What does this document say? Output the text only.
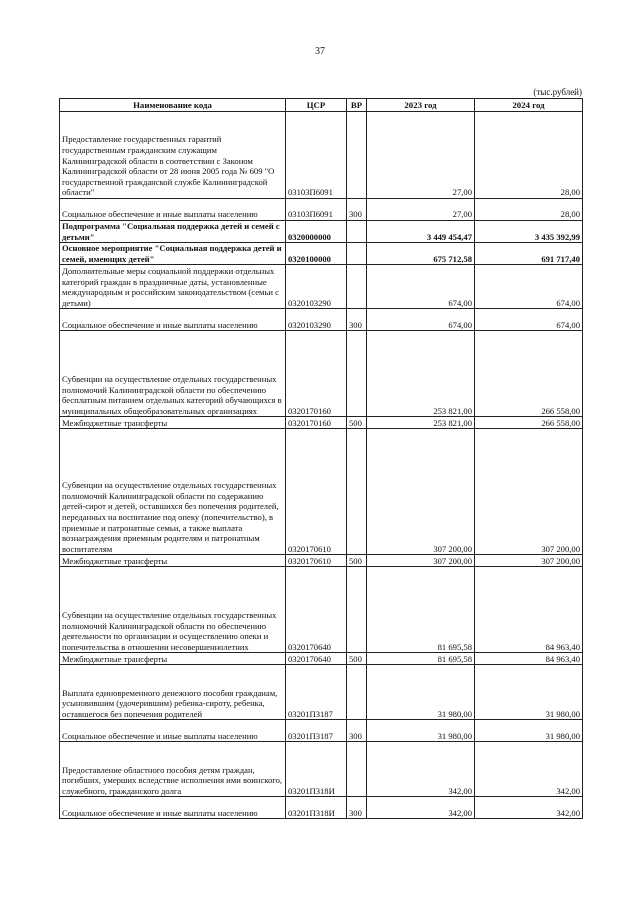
37
(тыс.рублей)
Наименование кода	ЦСР	ВР	2023 год	2024 год
Предоставление государственных гарантий государственным гражданским служащим Калининградской области в соответствии с Законом Калининградской области от 28 июня 2005 года № 609 "О государственной гражданской службе Калининградской области"	03103П6091		27,00	28,00
Социальное обеспечение и иные выплаты населению	03103П6091	300	27,00	28,00
Подпрограмма "Социальная поддержка детей и семей с детьми"	0320000000		3 449 454,47	3 435 392,99
Основное мероприятие "Социальная поддержка детей и семей, имеющих детей"	0320100000		675 712,58	691 717,40
Дополнительные меры социальной поддержки отдельных категорий граждан в праздничные даты, установленные международным и российским законодательством (семьи с детьми)	0320103290		674,00	674,00
Социальное обеспечение и иные выплаты населению	0320103290	300	674,00	674,00
Субвенции на осуществление отдельных государственных полномочий Калининградской области по обеспечению бесплатным питанием отдельных категорий обучающихся в муниципальных общеобразовательных организациях	0320170160		253 821,00	266 558,00
Межбюджетные трансферты	0320170160	500	253 821,00	266 558,00
Субвенции на осуществление отдельных государственных полномочий Калининградской области по содержанию детей-сирот и детей, оставшихся без попечения родителей, переданных на воспитание под опеку (попечительство), в приемные и патронатные семьи, а также выплата вознаграждения приемным родителям и патронатным воспитателям	0320170610		307 200,00	307 200,00
Межбюджетные трансферты	0320170610	500	307 200,00	307 200,00
Субвенции на осуществление отдельных государственных полномочий Калининградской области по обеспечению деятельности по организации и осуществлению опеки и попечительства в отношении несовершеннолетних	0320170640		81 695,58	84 963,40
Межбюджетные трансферты	0320170640	500	81 695,58	84 963,40
Выплата единовременного денежного пособия гражданам, усыновившим (удочерившим) ребенка-сироту, ребенка, оставшегося без попечения родителей	03201П3187		31 980,00	31 980,00
Социальное обеспечение и иные выплаты населению	03201П3187	300	31 980,00	31 980,00
Предоставление областного пособия детям граждан, погибших, умерших вследствие исполнения ими воинского, служебного, гражданского долга	03201П318И		342,00	342,00
Социальное обеспечение и иные выплаты населению	03201П318И	300	342,00	342,00
